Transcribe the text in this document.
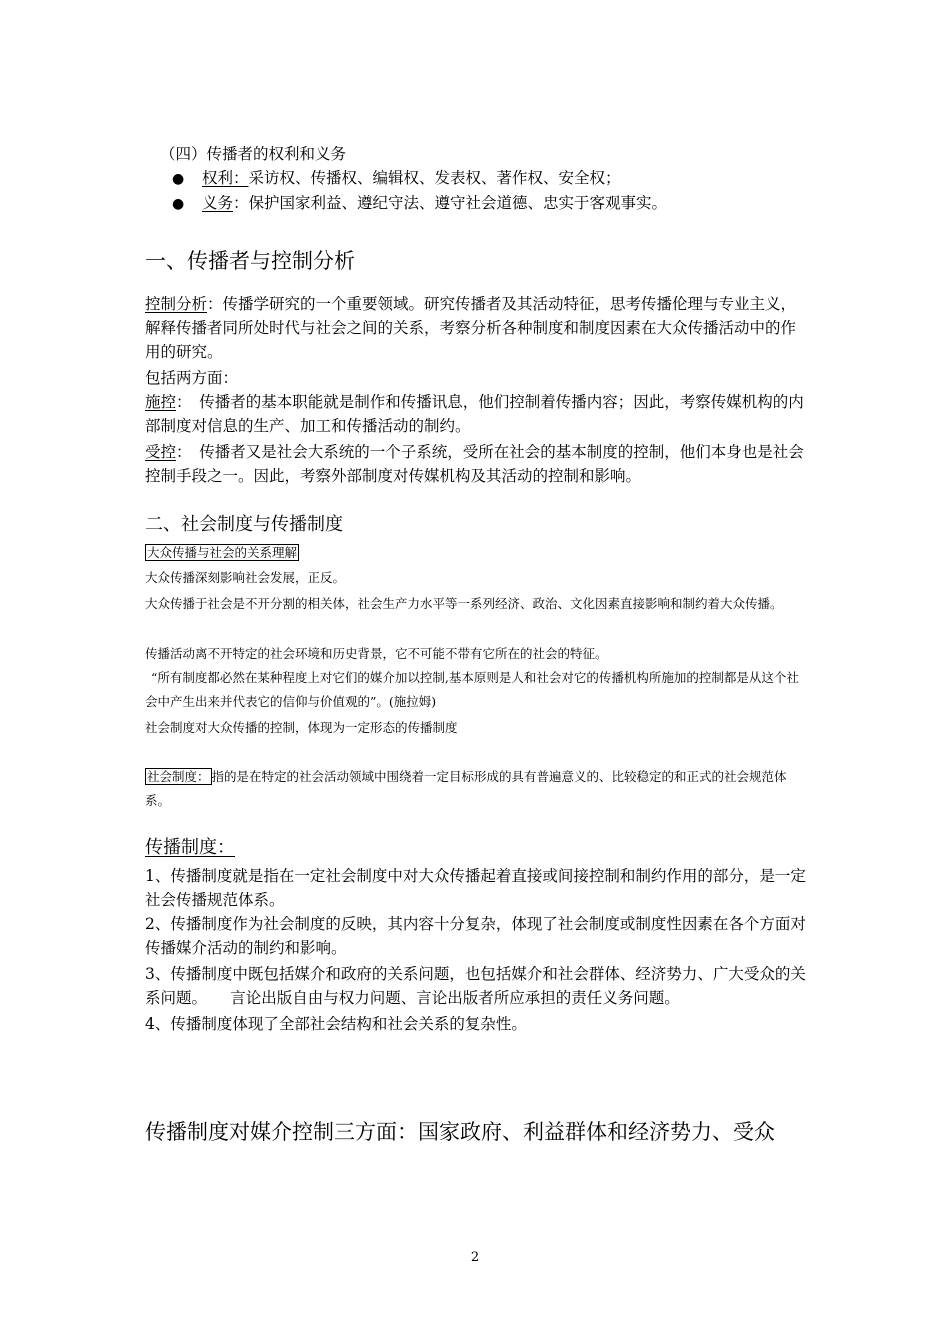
（四）传播者的权利和义务

●	权利：采访权、传播权、编辑权、发表权、著作权、安全权；
●	义务：保护国家利益、遵纪守法、遵守社会道德、忠实于客观事实。

一、传播者与控制分析

控制分析：传播学研究的一个重要领域。研究传播者及其活动特征，思考传播伦理与专业主义，解释传播者同所处时代与社会之间的关系，考察分析各种制度和制度因素在大众传播活动中的作用的研究。

包括两方面：

施控：　传播者的基本职能就是制作和传播讯息，他们控制着传播内容；因此，考察传媒机构的内部制度对信息的生产、加工和传播活动的制约。

受控：　传播者又是社会大系统的一个子系统，受所在社会的基本制度的控制，他们本身也是社会控制手段之一。因此，考察外部制度对传媒机构及其活动的控制和影响。

二、社会制度与传播制度

大众传播与社会的关系理解

大众传播深刻影响社会发展，正反。

大众传播于社会是不开分割的相关体，社会生产力水平等一系列经济、政治、文化因素直接影响和制约着大众传播。

传播活动离不开特定的社会环境和历史背景，它不可能不带有它所在的社会的特征。

“所有制度都必然在某种程度上对它们的媒介加以控制,基本原则是人和社会对它的传播机构所施加的控制都是从这个社会中产生出来并代表它的信仰与价值观的”。(施拉姆)

社会制度对大众传播的控制，体现为一定形态的传播制度

社会制度： 指的是在特定的社会活动领域中围绕着一定目标形成的具有普遍意义的、比较稳定的和正式的社会规范体系。

传播制度：

1、传播制度就是指在一定社会制度中对大众传播起着直接或间接控制和制约作用的部分，是一定社会传播规范体系。

2、传播制度作为社会制度的反映，其内容十分复杂，体现了社会制度或制度性因素在各个方面对传播媒介活动的制约和影响。

3、传播制度中既包括媒介和政府的关系问题，也包括媒介和社会群体、经济势力、广大受众的关系问题。　　言论出版自由与权力问题、言论出版者所应承担的责任义务问题。

4、传播制度体现了全部社会结构和社会关系的复杂性。

传播制度对媒介控制三方面：国家政府、利益群体和经济势力、受众

2
